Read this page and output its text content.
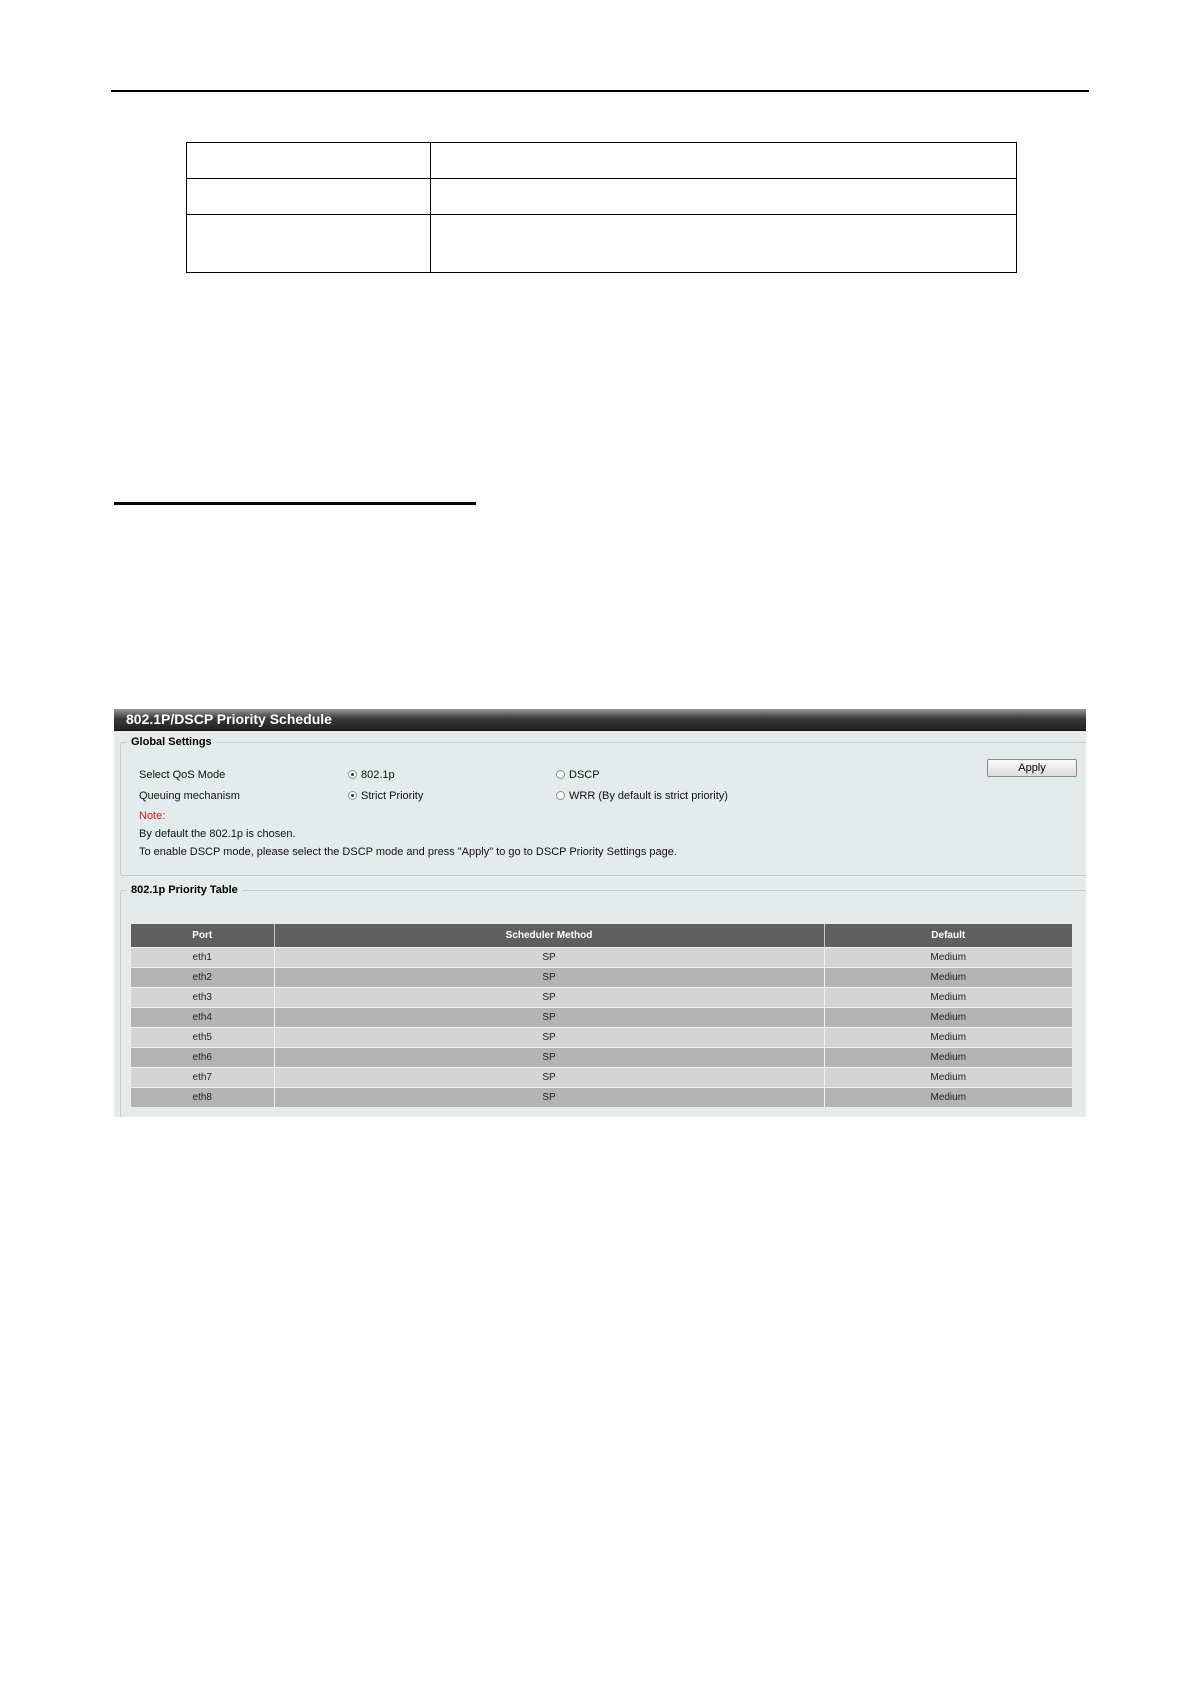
802.1P/DSCP Priority Schedule
Global Settings
Select QoS Mode	802.1p	DSCP
Queuing mechanism	Strict Priority	WRR (By default is strict priority)
Apply
Note:
By default the 802.1p is chosen.
To enable DSCP mode, please select the DSCP mode and press "Apply" to go to DSCP Priority Settings page.
802.1p Priority Table
Port	Scheduler Method	Default
eth1	SP	Medium
eth2	SP	Medium
eth3	SP	Medium
eth4	SP	Medium
eth5	SP	Medium
eth6	SP	Medium
eth7	SP	Medium
eth8	SP	Medium
